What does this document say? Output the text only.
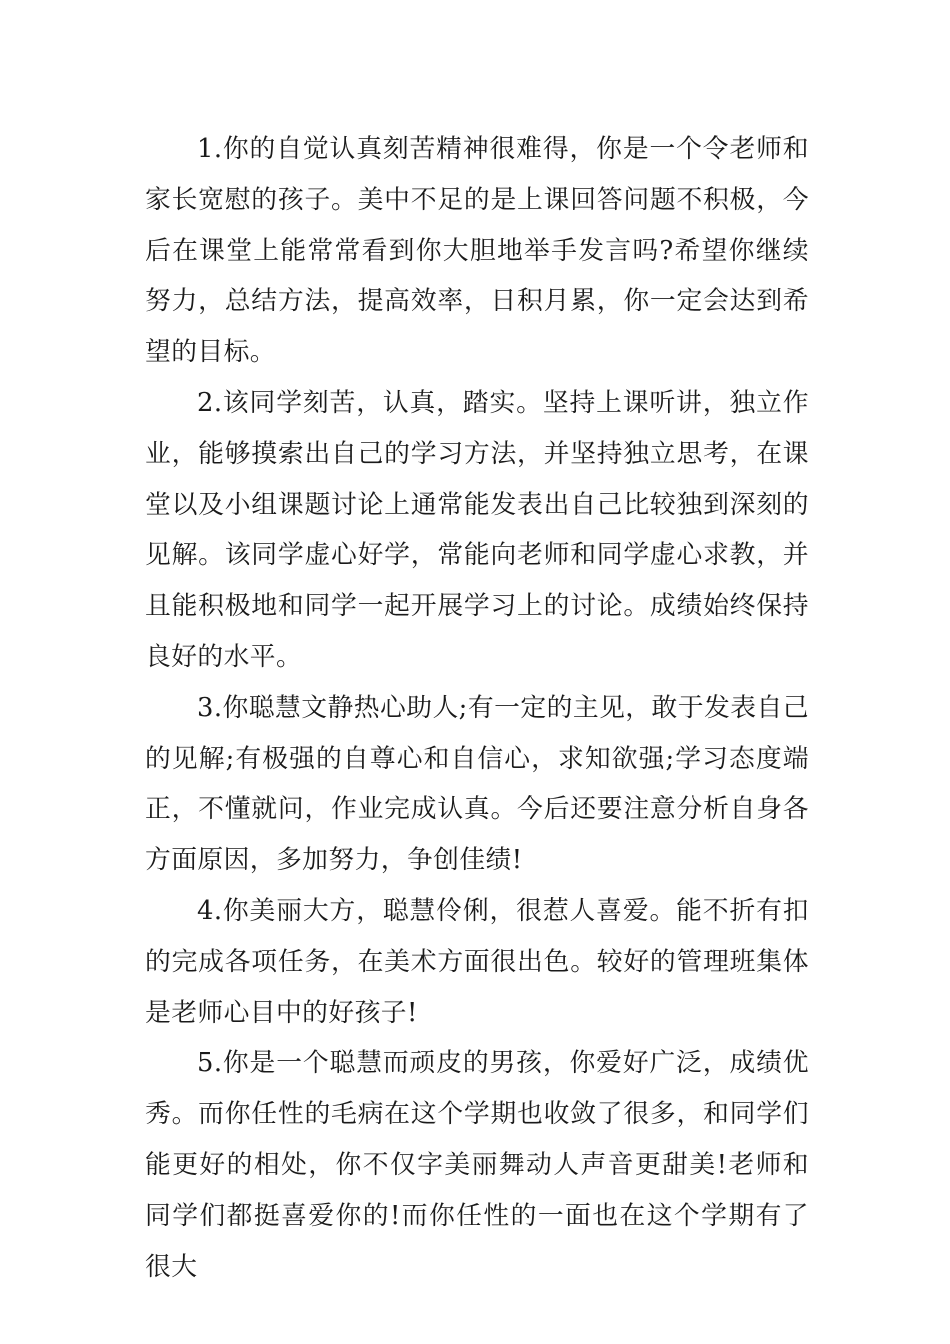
1.你的自觉认真刻苦精神很难得，你是一个令老师和家长宽慰的孩子。美中不足的是上课回答问题不积极，今后在课堂上能常常看到你大胆地举手发言吗?希望你继续努力，总结方法，提高效率，日积月累，你一定会达到希望的目标。

2.该同学刻苦，认真，踏实。坚持上课听讲，独立作业，能够摸索出自己的学习方法，并坚持独立思考，在课堂以及小组课题讨论上通常能发表出自己比较独到深刻的见解。该同学虚心好学，常能向老师和同学虚心求教，并且能积极地和同学一起开展学习上的讨论。成绩始终保持良好的水平。

3.你聪慧文静热心助人;有一定的主见，敢于发表自己的见解;有极强的自尊心和自信心，求知欲强;学习态度端正，不懂就问，作业完成认真。今后还要注意分析自身各方面原因，多加努力，争创佳绩!

4.你美丽大方，聪慧伶俐，很惹人喜爱。能不折有扣的完成各项任务，在美术方面很出色。较好的管理班集体是老师心目中的好孩子!

5.你是一个聪慧而顽皮的男孩，你爱好广泛，成绩优秀。而你任性的毛病在这个学期也收敛了很多，和同学们能更好的相处，你不仅字美丽舞动人声音更甜美!老师和同学们都挺喜爱你的!而你任性的一面也在这个学期有了很大
